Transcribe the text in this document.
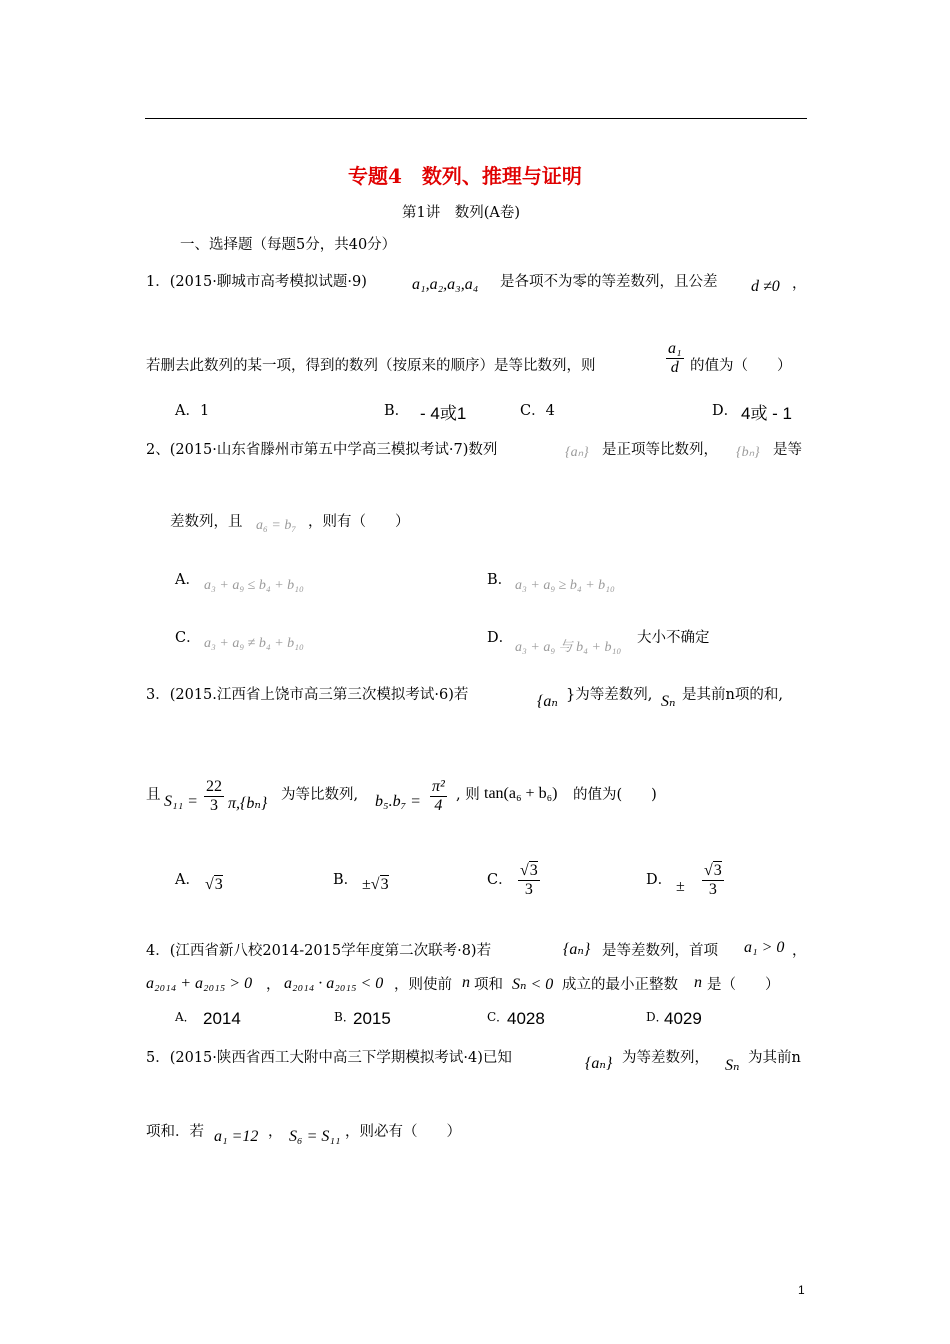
专题4　数列、推理与证明
第1讲　数列(A卷)
一、选择题（每题5分，共40分）
1．(2015·聊城市高考模拟试题·9)	a₁,a₂,a₃,a₄ 是各项不为零的等差数列，且公差 d ≠0 ，
若删去此数列的某一项，得到的数列（按原来的顺序）是等比数列，则	$\frac{\text{a₁}}{d}$ 的值为（　　）
A．1	B． - 4或1	C．4	D． 4或 - 1
2、(2015·山东省滕州市第五中学高三模拟考试·7)数列	{aₙ} 是正项等比数列， {bₙ} 是等
差数列，且 a₆ = b₇ ，则有（　　）
A． a₃ + a₉ ≤ b₄ + b₁₀	B． a₃ + a₉ ≥ b₄ + b₁₀
C． a₃ + a₉ ≠ b₄ + b₁₀	D．
a₃ + a₉ 与 b₄ + b₁₀
大小不确定
3．(2015.江西省上饶市高三第三次模拟考试·6)若	{aₙ }为等差数列, Sₙ 是其前n项的和,
且 $S_{11} = \frac{22}{3} \pi,\{b_n\}$ 为等比数列, $b_5.b_7 = \frac{\text{π²}}{4}$ , 则 tan(a₆ + b₆) 的值为(　　)
A． √3	B． ±√3	C． $\frac{√3}{3}$	D． ± $\frac{√3}{3}$
4．(江西省新八校2014-2015学年度第二次联考·8)若	{aₙ} 是等差数列，首项 a₁ > 0 ，
a₂₀₁₄ + a₂₀₁₅ > 0 ， a₂₀₁₄ · a₂₀₁₅ < 0 ，则使前 n 项和 Sₙ < 0 成立的最小正整数 n 是（　　）
A． 2014	B．
2015	C．
4028	D．
4029
5．(2015·陕西省西工大附中高三下学期模拟考试·4)已知	{aₙ} 为等差数列， Sₙ 为其前n
项和．若 a₁ =12 ， S₆ = S₁₁ ，则必有（　　）
1
